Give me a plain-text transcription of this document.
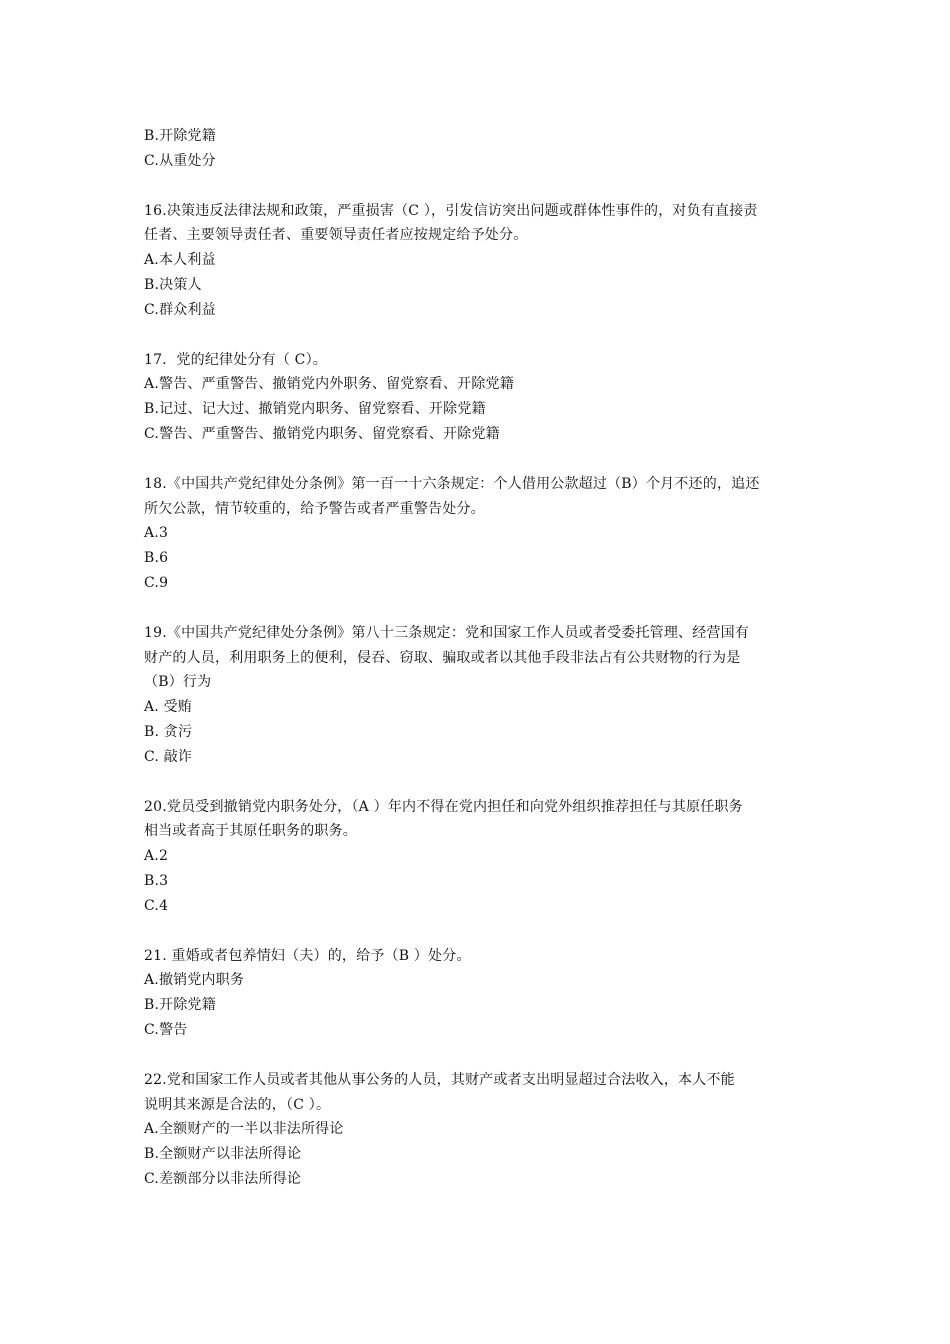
B.开除党籍
C.从重处分
16.决策违反法律法规和政策，严重损害（C ），引发信访突出问题或群体性事件的，对负有直接责
任者、主要领导责任者、重要领导责任者应按规定给予处分。
A.本人利益
B.决策人
C.群众利益
17．党的纪律处分有（ C）。
A.警告、严重警告、撤销党内外职务、留党察看、开除党籍
B.记过、记大过、撤销党内职务、留党察看、开除党籍
C.警告、严重警告、撤销党内职务、留党察看、开除党籍
18.《中国共产党纪律处分条例》第一百一十六条规定：个人借用公款超过（B）个月不还的，追还
所欠公款，情节较重的，给予警告或者严重警告处分。
A.3
B.6
C.9
19.《中国共产党纪律处分条例》第八十三条规定：党和国家工作人员或者受委托管理、经营国有
财产的人员，利用职务上的便利，侵吞、窃取、骗取或者以其他手段非法占有公共财物的行为是
（B）行为
A. 受贿
B. 贪污
C. 敲诈
20.党员受到撤销党内职务处分，（A ）年内不得在党内担任和向党外组织推荐担任与其原任职务
相当或者高于其原任职务的职务。
A.2
B.3
C.4
21. 重婚或者包养情妇（夫）的，给予（B ）处分。
A.撤销党内职务
B.开除党籍
C.警告
22.党和国家工作人员或者其他从事公务的人员，其财产或者支出明显超过合法收入，本人不能
说明其来源是合法的，（C ）。
A.全额财产的一半以非法所得论
B.全额财产以非法所得论
C.差额部分以非法所得论
